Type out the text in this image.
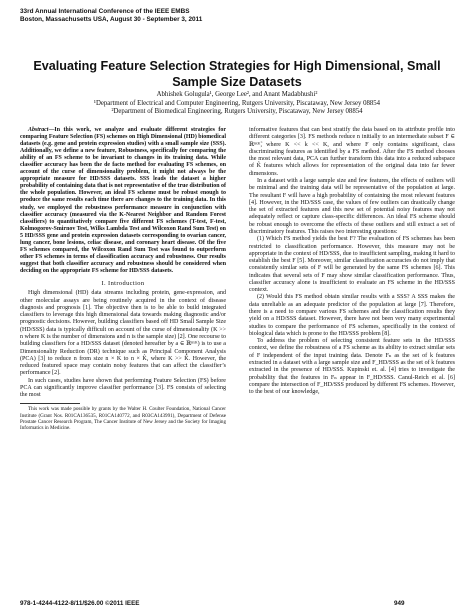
33rd Annual International Conference of the IEEE EMBS
Boston, Massachusetts USA, August 30 - September 3, 2011
Evaluating Feature Selection Strategies for High Dimensional, Small Sample Size Datasets
Abhishek Golugula¹, George Lee², and Anant Madabhushi²
¹Department of Electrical and Computer Engineering, Rutgers University, Piscataway, New Jersey 08854
²Department of Biomedical Engineering, Rutgers University, Piscataway, New Jersey 08854

Abstract—In this work, we analyze and evaluate different strategies for comparing Feature Selection (FS) schemes on High Dimensional (HD) biomedical datasets (e.g. gene and protein expression studies) with a small sample size (SSS). Additionally, we define a new feature, Robustness, specifically for comparing the ability of an FS scheme to be invariant to changes in its training data. While classifier accuracy has been the de facto method for evaluating FS schemes, on account of the curse of dimensionality problem, it might not always be the appropriate measure for HD/SSS datasets. SSS leads the dataset a higher probability of containing data that is not representative of the true distribution of the whole population. However, an ideal FS scheme must be robust enough to produce the same results each time there are changes to the training data. In this study, we employed the robustness performance measure in conjunction with classifier accuracy (measured via the K-Nearest Neighbor and Random Forest classifiers) to quantitatively compare five different FS schemes (T-test, F-test, Kolmogorov-Smirnov Test, Wilks Lambda Test and Wilcoxon Rand Sum Test) on 5 HD/SSS gene and protein expression datasets corresponding to ovarian cancer, lung cancer, bone lesions, celiac disease, and coronary heart disease. Of the five FS schemes compared, the Wilcoxon Rand Sum Test was found to outperform other FS schemes in terms of classification accuracy and robustness. Our results suggest that both classifier accuracy and robustness should be considered when deciding on the appropriate FS scheme for HD/SSS datasets.

I. Introduction

High dimensional (HD) data streams including protein, gene-expression, and other molecular assays are being routinely acquired in the context of disease diagnosis and prognosis [1]. The objective then is to be able to build integrated classifiers to leverage this high dimensional data towards making diagnostic and/or prognostic decisions. However, building classifiers based off HD Small Sample Size (HD/SSS) data is typically difficult on account of the curse of dimensionality (K >> n where K is the number of dimensions and n is the sample size) [2]. One recourse to building classifiers for a HD/SSS dataset (denoted hereafter by a ∈ ℝⁿˣᴷ) is to use a Dimensionality Reduction (DR) technique such as Principal Component Analysis (PCA) [3] to reduce n from size n × K to n × K̂, where K >> K̂. However, the reduced featured space may contain noisy features that can affect the classifier’s performance [2].

In such cases, studies have shown that performing Feature Selection (FS) before PCA can significantly improve classifier performance [3]. FS consists of selecting the most

This work was made possible by grants by the Walter H. Coulter Foundation, National Cancer Institute (Grant Nos. R01CA136535, R01CA140772, and R03CA143991), Department of Defense Prostate Cancer Research Program, The Cancer Institute of New Jersey and the Society for Imaging Informatics in Medicine.

informative features that can best stratify the data based on its attribute profile into different categories [3]. FS methods reduce n initially to an intermediate subset F ∈ ℝⁿˣᴷ̃, where K << k << K, and where F only contains significant, class discriminating features as identified by a FS method. After the FS method chooses the most relevant data, PCA can further transform this data into a reduced subspace of K̂ features which allows for representation of the original data into far fewer dimensions.

In a dataset with a large sample size and few features, the effects of outliers will be minimal and the training data will be representative of the population at large. The resultant F will have a high probability of containing the most relevant features [4]. However, in the HD/SSS case, the values of few outliers can drastically change the set of extracted features and this new set of potential noisy features may not adequately reflect or capture class-specific differences. An ideal FS scheme should be robust enough to overcome the effects of these outliers and still extract a set of discriminatory features. This raises two interesting questions:

(1) Which FS method yields the best F? The evaluation of FS schemes has been restricted to classification performance. However, this measure may not be appropriate in the context of HD/SSS, due to insufficient sampling, making it hard to establish the best F [5]. Moreover, similar classification accuracies do not imply that consistently similar sets of F will be generated by the same FS schemes [6]. This indicates that several sets of F may show similar classification performance. Thus, classifier accuracy alone is insufficient to evaluate an FS scheme in the HD/SSS context.

(2) Would this FS method obtain similar results with a SSS? A SSS makes the data unreliable as an adequate predictor of the population at large [7]. Therefore, there is a need to compare various FS schemes and the classification results they yield on a HD/SSS dataset. However, there have not been very many experimental studies to compare the performance of FS schemes, specifically in the context of biological data which is prone to the HD/SSS problem [8].

To address the problem of selecting consistent feature sets in the HD/SSS context, we define the robustness of a FS scheme as its ability to extract similar sets of F independent of the input training data. Denote Fₙ as the set of k features extracted in a dataset with a large sample size and F_HD/SSS as the set of k features extracted in the presence of HD/SSS. Kupinski et. al. [4] tries to investigate the probability that the features in Fₙ appear in F_HD/SSS. Canul-Reich et al. [6] compare the intersection of F_HD/SSS produced by different FS schemes. However, to the best of our knowledge,

978-1-4244-4122-8/11/$26.00 ©2011 IEEE	949
